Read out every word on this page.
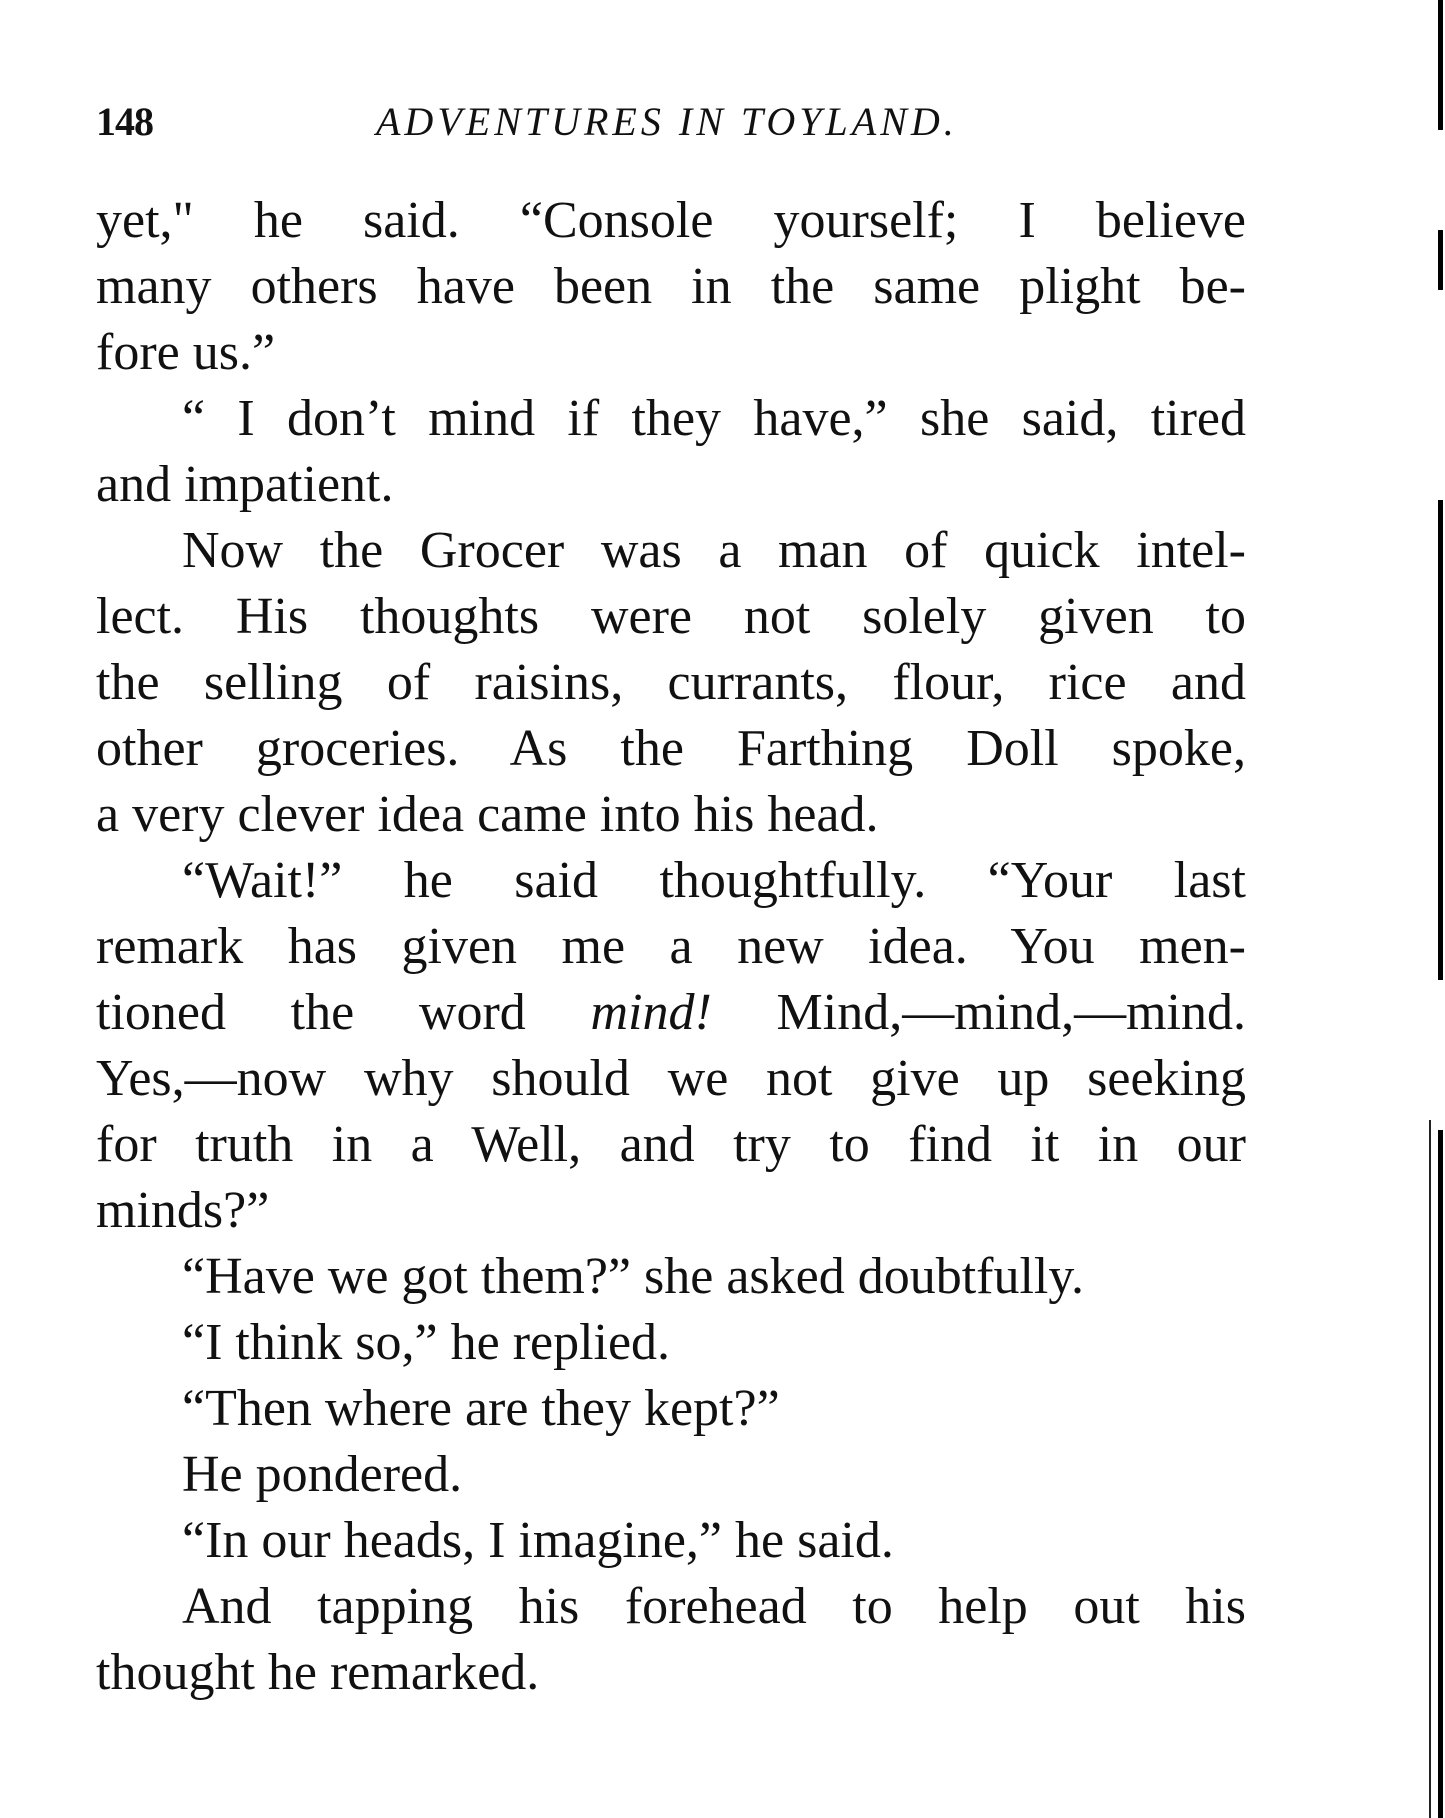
148	ADVENTURES IN TOYLAND.
yet," he said. “Console yourself; I believe
many others have been in the same plight be-
fore us.”
“ I don’t mind if they have,” she said, tired
and impatient.
Now the Grocer was a man of quick intel-
lect. His thoughts were not solely given to
the selling of raisins, currants, flour, rice and
other groceries. As the Farthing Doll spoke,
a very clever idea came into his head.
“Wait!” he said thoughtfully. “Your last
remark has given me a new idea. You men-
tioned the word mind! Mind,—mind,—mind.
Yes,—now why should we not give up seeking
for truth in a Well, and try to find it in our
minds?”
“Have we got them?” she asked doubtfully.
“I think so,” he replied.
“Then where are they kept?”
He pondered.
“In our heads, I imagine,” he said.
And tapping his forehead to help out his
thought he remarked.
